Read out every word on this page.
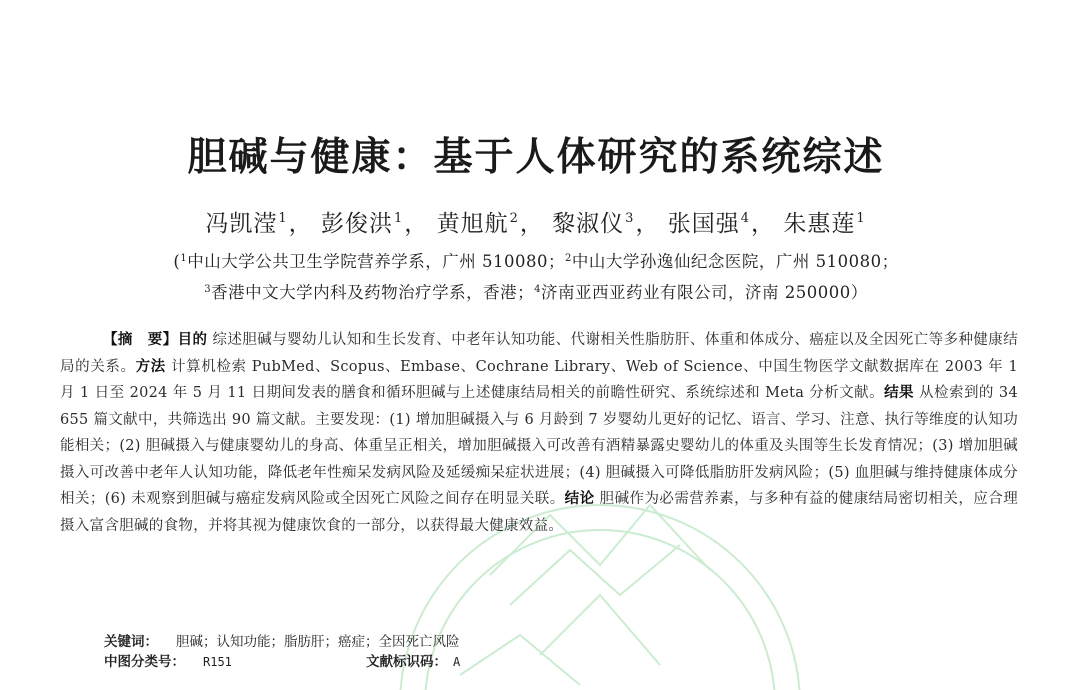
胆碱与健康：基于人体研究的系统综述
冯凯滢$^1$， 彭俊洪$^1$， 黄旭航$^2$， 黎淑仪$^3$， 张国强$^4$， 朱惠莲$^1$
($^1$中山大学公共卫生学院营养学系，广州 510080；$^2$中山大学孙逸仙纪念医院，广州 510080；
$^3$香港中文大学内科及药物治疗学系，香港；$^4$济南亚西亚药业有限公司，济南 250000）
【摘　要】目的 综述胆碱与婴幼儿认知和生长发育、中老年认知功能、代谢相关性脂肪肝、体重和体成分、癌症以及全因死亡等多种健康结局的关系。方法 计算机检索 PubMed、Scopus、Embase、Cochrane Library、Web of Science、中国生物医学文献数据库在 2003 年 1 月 1 日至 2024 年 5 月 11 日期间发表的膳食和循环胆碱与上述健康结局相关的前瞻性研究、系统综述和 Meta 分析文献。结果 从检索到的 34 655 篇文献中，共筛选出 90 篇文献。主要发现：(1) 增加胆碱摄入与 6 月龄到 7 岁婴幼儿更好的记忆、语言、学习、注意、执行等维度的认知功能相关；(2) 胆碱摄入与健康婴幼儿的身高、体重呈正相关，增加胆碱摄入可改善有酒精暴露史婴幼儿的体重及头围等生长发育情况；(3) 增加胆碱摄入可改善中老年人认知功能，降低老年性痴呆发病风险及延缓痴呆症状进展；(4) 胆碱摄入可降低脂肪肝发病风险；(5) 血胆碱与维持健康体成分相关；(6) 未观察到胆碱与癌症发病风险或全因死亡风险之间存在明显关联。结论 胆碱作为必需营养素，与多种有益的健康结局密切相关，应合理摄入富含胆碱的食物，并将其视为健康饮食的一部分，以获得最大健康效益。
关键词： 胆碱；认知功能；脂肪肝；癌症；全因死亡风险
中图分类号： R151	文献标识码： A
